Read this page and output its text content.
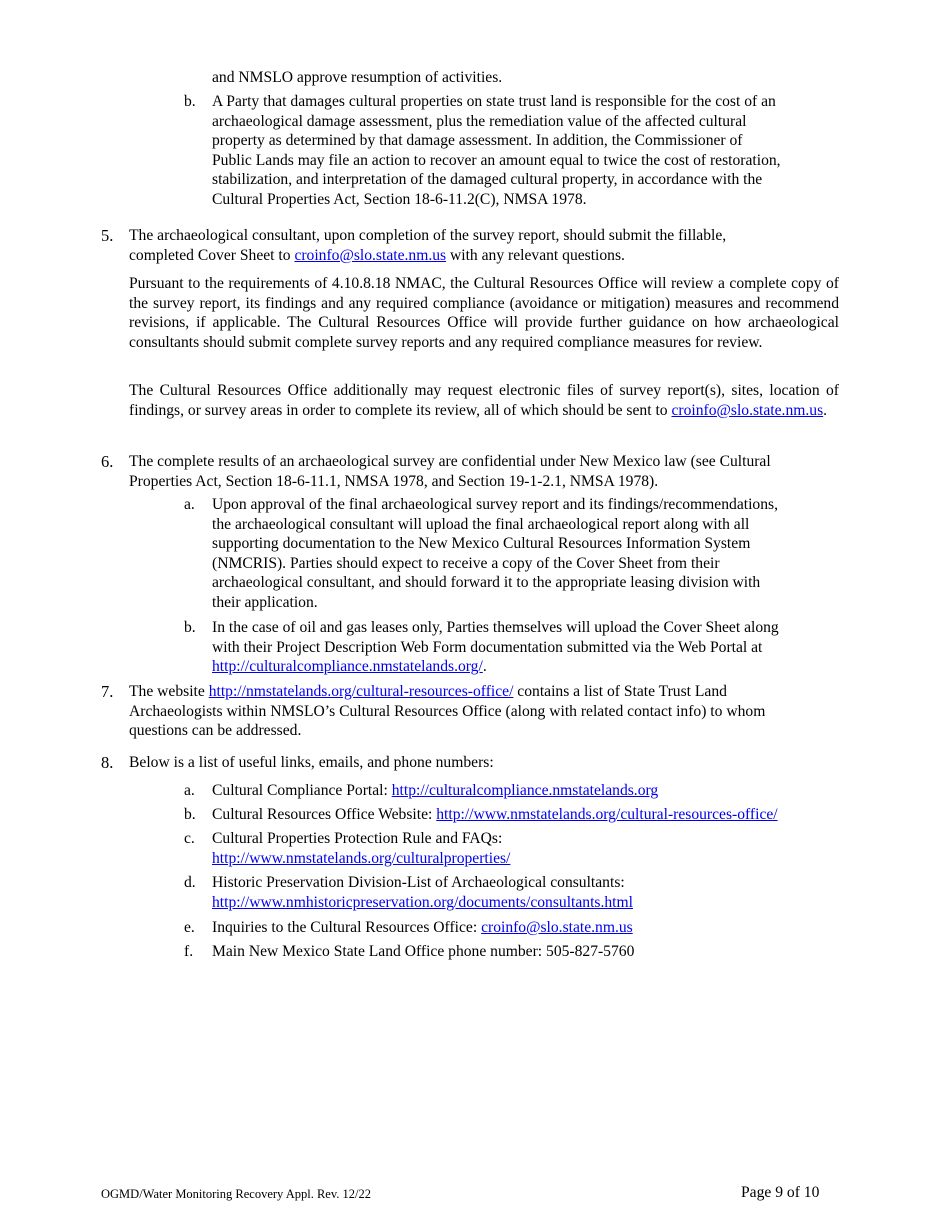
and NMSLO approve resumption of activities.

b. A Party that damages cultural properties on state trust land is responsible for the cost of an
archaeological damage assessment, plus the remediation value of the affected cultural
property as determined by that damage assessment. In addition, the Commissioner of
Public Lands may file an action to recover an amount equal to twice the cost of restoration,
stabilization, and interpretation of the damaged cultural property, in accordance with the
Cultural Properties Act, Section 18-6-11.2(C), NMSA 1978.
5. The archaeological consultant, upon completion of the survey report, should submit the fillable,
completed Cover Sheet to croinfo@slo.state.nm.us with any relevant questions.

Pursuant to the requirements of 4.10.8.18 NMAC, the Cultural Resources Office will review a complete copy of the survey report, its findings and any required compliance (avoidance or mitigation) measures and recommend revisions, if applicable. The Cultural Resources Office will provide further guidance on how archaeological consultants should submit complete survey reports and any required compliance measures for review.

The Cultural Resources Office additionally may request electronic files of survey report(s), sites, location of findings, or survey areas in order to complete its review, all of which should be sent to croinfo@slo.state.nm.us.

6. The complete results of an archaeological survey are confidential under New Mexico law (see Cultural
Properties Act, Section 18-6-11.1, NMSA 1978, and Section 19-1-2.1, NMSA 1978).
a. Upon approval of the final archaeological survey report and its findings/recommendations,
the archaeological consultant will upload the final archaeological report along with all
supporting documentation to the New Mexico Cultural Resources Information System
(NMCRIS). Parties should expect to receive a copy of the Cover Sheet from their
archaeological consultant, and should forward it to the appropriate leasing division with
their application.
b. In the case of oil and gas leases only, Parties themselves will upload the Cover Sheet along
with their Project Description Web Form documentation submitted via the Web Portal at
http://culturalcompliance.nmstatelands.org/.
7. The website http://nmstatelands.org/cultural-resources-office/ contains a list of State Trust Land
Archaeologists within NMSLO’s Cultural Resources Office (along with related contact info) to whom
questions can be addressed.
8. Below is a list of useful links, emails, and phone numbers:

a. Cultural Compliance Portal: http://culturalcompliance.nmstatelands.org

b. Cultural Resources Office Website: http://www.nmstatelands.org/cultural-resources-office/

c. Cultural Properties Protection Rule and FAQs:
http://www.nmstatelands.org/culturalproperties/
d. Historic Preservation Division-List of Archaeological consultants:
http://www.nmhistoricpreservation.org/documents/consultants.html
e. Inquiries to the Cultural Resources Office: croinfo@slo.state.nm.us

f. Main New Mexico State Land Office phone number: 505-827-5760

OGMD/Water Monitoring Recovery Appl. Rev. 12/22	Page 9 of 10
